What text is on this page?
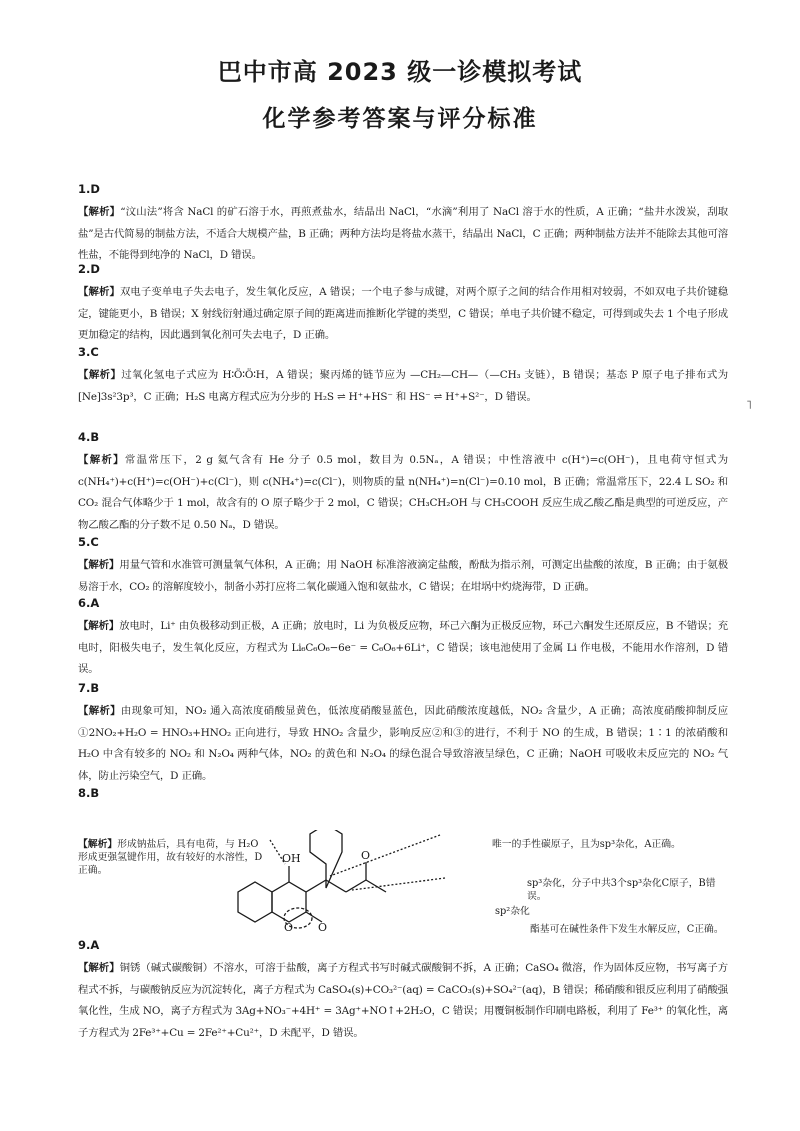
巴中市高 2023 级一诊模拟考试
化学参考答案与评分标准
1.D
【解析】“汶山法”将含 NaCl 的矿石溶于水，再煎煮盐水，结晶出 NaCl，“水滴”利用了 NaCl 溶于水的性质，A 正确；“盐井水泼炭，刮取盐”是古代简易的制盐方法，不适合大规模产盐，B 正确；两种方法均是将盐水蒸干，结晶出 NaCl，C 正确；两种制盐方法并不能除去其他可溶性盐，不能得到纯净的 NaCl，D 错误。
2.D
【解析】双电子变单电子失去电子，发生氧化反应，A 错误；一个电子参与成键，对两个原子之间的结合作用相对较弱，不如双电子共价键稳定，键能更小，B 错误；X 射线衍射通过确定原子间的距离进而推断化学键的类型，C 错误；单电子共价键不稳定，可得到或失去 1 个电子形成更加稳定的结构，因此遇到氧化剂可失去电子，D 正确。
3.C
【解析】过氧化氢电子式应为 H∶Ö∶Ö∶H，A 错误；聚丙烯的链节应为 —CH₂—CH—（—CH₃ 支链），B 错误；基态 P 原子电子排布式为 [Ne]3s²3p³，C 正确；H₂S 电离方程式应为分步的 H₂S ⇌ H⁺+HS⁻ 和 HS⁻ ⇌ H⁺+S²⁻，D 错误。
˥
4.B
【解析】常温常压下，2 g 氦气含有 He 分子 0.5 mol，数目为 0.5Nₐ，A 错误；中性溶液中 c(H⁺)=c(OH⁻)，且电荷守恒式为 c(NH₄⁺)+c(H⁺)=c(OH⁻)+c(Cl⁻)，则 c(NH₄⁺)=c(Cl⁻)，则物质的量 n(NH₄⁺)=n(Cl⁻)=0.10 mol，B 正确；常温常压下，22.4 L SO₂ 和 CO₂ 混合气体略少于 1 mol，故含有的 O 原子略少于 2 mol，C 错误；CH₃CH₂OH 与 CH₃COOH 反应生成乙酸乙酯是典型的可逆反应，产物乙酸乙酯的分子数不足 0.50 Nₐ，D 错误。
5.C
【解析】用量气管和水准管可测量氧气体积，A 正确；用 NaOH 标准溶液滴定盐酸，酚酞为指示剂，可测定出盐酸的浓度，B 正确；由于氨极易溶于水，CO₂ 的溶解度较小，制备小苏打应将二氧化碳通入饱和氨盐水，C 错误；在坩埚中灼烧海带，D 正确。
6.A
【解析】放电时，Li⁺ 由负极移动到正极，A 正确；放电时，Li 为负极反应物，环己六酮为正极反应物，环己六酮发生还原反应，B 不错误；充电时，阳极失电子，发生氧化反应，方程式为 Li₆C₆O₆−6e⁻ = C₆O₆+6Li⁺，C 错误；该电池使用了金属 Li 作电极，不能用水作溶剂，D 错误。
7.B
【解析】由现象可知，NO₂ 通入高浓度硝酸显黄色，低浓度硝酸显蓝色，因此硝酸浓度越低，NO₂ 含量少，A 正确；高浓度硝酸抑制反应①2NO₂+H₂O = HNO₃+HNO₂ 正向进行，导致 HNO₂ 含量少，影响反应②和③的进行，不利于 NO 的生成，B 错误；1∶1 的浓硝酸和 H₂O 中含有较多的 NO₂ 和 N₂O₄ 两种气体，NO₂ 的黄色和 N₂O₄ 的绿色混合导致溶液呈绿色，C 正确；NaOH 可吸收未反应完的 NO₂ 气体，防止污染空气，D 正确。
8.B
【解析】形成钠盐后，具有电荷，与 H₂O形成更强氢键作用，故有较好的水溶性，D正确。
唯一的手性碳原子，且为sp³杂化，A正确。
sp³杂化，分子中共3个sp³杂化C原子，B错误。
sp²杂化
酯基可在碱性条件下发生水解反应，C正确。
OH	O
O O
9.A
【解析】铜锈（碱式碳酸铜）不溶水，可溶于盐酸，离子方程式书写时碱式碳酸铜不拆，A 正确；CaSO₄ 微溶，作为固体反应物，书写离子方程式不拆，与碳酸钠反应为沉淀转化，离子方程式为 CaSO₄(s)+CO₃²⁻(aq) = CaCO₃(s)+SO₄²⁻(aq)，B 错误；稀硝酸和银反应利用了硝酸强氧化性，生成 NO，离子方程式为 3Ag+NO₃⁻+4H⁺ = 3Ag⁺+NO↑+2H₂O，C 错误；用覆铜板制作印刷电路板，利用了 Fe³⁺ 的氧化性，离子方程式为 2Fe³⁺+Cu = 2Fe²⁺+Cu²⁺，D 未配平，D 错误。
